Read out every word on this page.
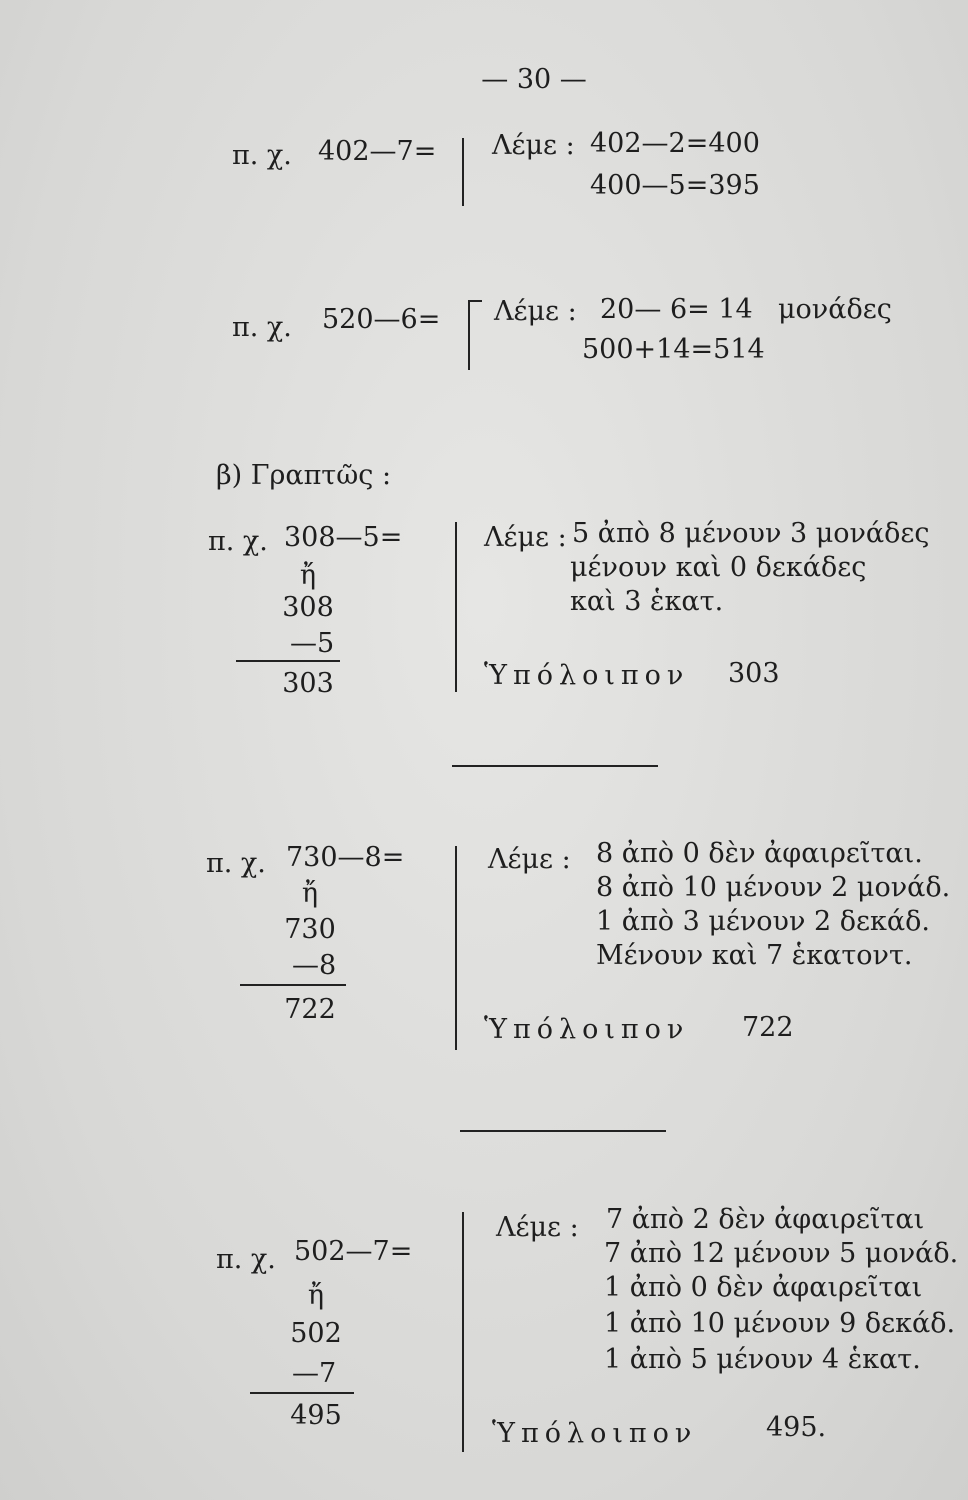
— 30 —
π. χ. 402—7= Λέμε : 402—2=400
400—5=395
π. χ. 520—6= Λέμε : 20— 6= 14 μονάδες
500+14=514
β) Γραπτῶς :
π. χ. 308—5=
ἤ
308
—5
303
Λέμε : 5 ἀπὸ 8 μένουν 3 μονάδες
μένουν καὶ 0 δεκάδες
καὶ 3 ἑκατ.
Ὑπόλοιπον 303
π. χ. 730—8=
ἤ
730
—8
722
Λέμε : 8 ἀπὸ 0 δὲν ἀφαιρεῖται.
8 ἀπὸ 10 μένουν 2 μονάδ.
1 ἀπὸ 3 μένουν 2 δεκάδ.
Μένουν καὶ 7 ἑκατοντ.
Ὑπόλοιπον 722
π. χ. 502—7=
ἤ
502
—7
495
Λέμε : 7 ἀπὸ 2 δὲν ἀφαιρεῖται
7 ἀπὸ 12 μένουν 5 μονάδ.
1 ἀπὸ 0 δὲν ἀφαιρεῖται
1 ἀπὸ 10 μένουν 9 δεκάδ.
1 ἀπὸ 5 μένουν 4 ἑκατ.
Ὑπόλοιπον	495.
